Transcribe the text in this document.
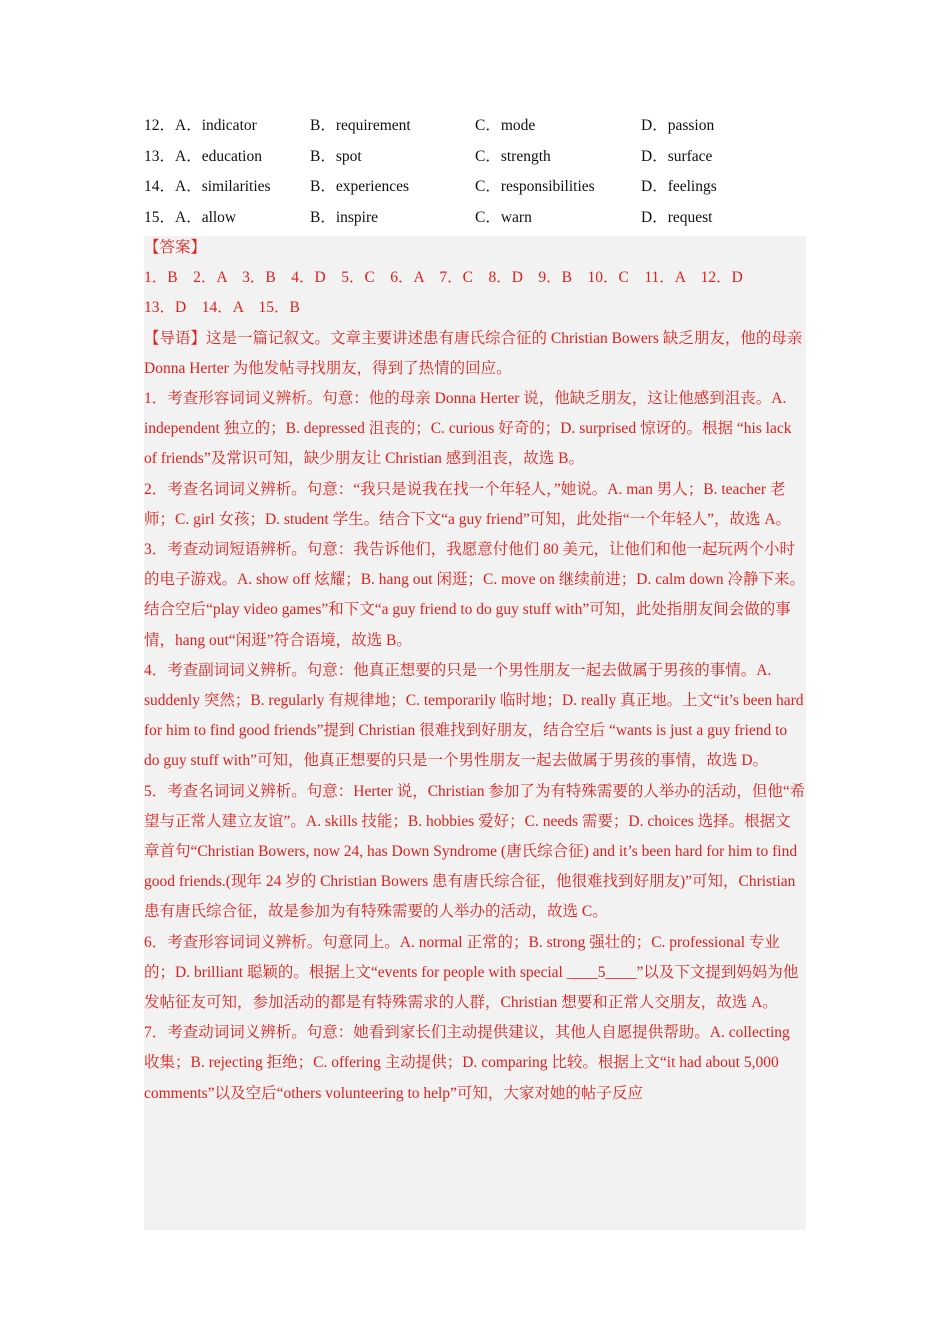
12．A．indicator	B．requirement	C．mode	D．passion
13．A．education	B．spot	C．strength	D．surface
14．A．similarities	B．experiences	C．responsibilities	D．feelings
15．A．allow	B．inspire	C．warn	D．request

【答案】

1．B　2．A　3．B　4．D　5．C　6．A　7．C　8．D　9．B　10．C　11．A　12．D

13．D　14．A　15．B

【导语】这是一篇记叙文。文章主要讲述患有唐氏综合征的 Christian Bowers 缺乏朋友，他的母亲 Donna Herter 为他发帖寻找朋友，得到了热情的回应。

1．考查形容词词义辨析。句意：他的母亲 Donna Herter 说，他缺乏朋友，这让他感到沮丧。A. independent 独立的；B. depressed 沮丧的；C. curious 好奇的；D. surprised 惊讶的。根据 “his lack of friends”及常识可知，缺少朋友让 Christian 感到沮丧，故选 B。

2．考查名词词义辨析。句意：“我只是说我在找一个年轻人，”她说。A. man 男人；B. teacher 老师；C. girl 女孩；D. student 学生。结合下文“a guy friend”可知，此处指“一个年轻人”，故选 A。

3．考查动词短语辨析。句意：我告诉他们，我愿意付他们 80 美元，让他们和他一起玩两个小时的电子游戏。A. show off 炫耀；B. hang out 闲逛；C. move on 继续前进；D. calm down 冷静下来。结合空后“play video games”和下文“a guy friend to do guy stuff with”可知，此处指朋友间会做的事情，hang out“闲逛”符合语境，故选 B。

4．考查副词词义辨析。句意：他真正想要的只是一个男性朋友一起去做属于男孩的事情。A. suddenly 突然；B. regularly 有规律地；C. temporarily 临时地；D. really 真正地。上文“it’s been hard for him to find good friends”提到 Christian 很难找到好朋友，结合空后 “wants is just a guy friend to do guy stuff with”可知，他真正想要的只是一个男性朋友一起去做属于男孩的事情，故选 D。

5．考查名词词义辨析。句意：Herter 说，Christian 参加了为有特殊需要的人举办的活动，但他“希望与正常人建立友谊”。A. skills 技能；B. hobbies 爱好；C. needs 需要；D. choices 选择。根据文章首句“Christian Bowers, now 24, has Down Syndrome (唐氏综合征) and it’s been hard for him to find good friends.(现年 24 岁的 Christian Bowers 患有唐氏综合征，他很难找到好朋友)”可知，Christian 患有唐氏综合征，故是参加为有特殊需要的人举办的活动，故选 C。

6．考查形容词词义辨析。句意同上。A. normal 正常的；B. strong 强壮的；C. professional 专业的；D. brilliant 聪颖的。根据上文“events for people with special ____5____”以及下文提到妈妈为他发帖征友可知，参加活动的都是有特殊需求的人群，Christian 想要和正常人交朋友，故选 A。

7．考查动词词义辨析。句意：她看到家长们主动提供建议，其他人自愿提供帮助。A. collecting 收集；B. rejecting 拒绝；C. offering 主动提供；D. comparing 比较。根据上文“it had about 5,000 comments”以及空后“others volunteering to help”可知，大家对她的帖子反应
